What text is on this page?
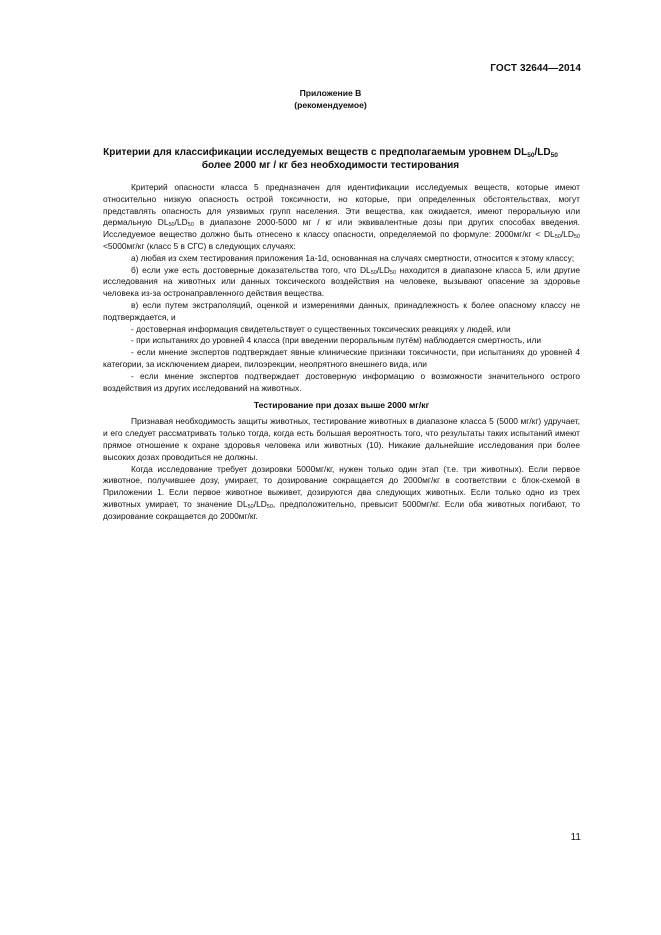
ГОСТ 32644—2014
Приложение В
(рекомендуемое)
Критерии для классификации исследуемых веществ с предполагаемым уровнем $DL_{50}/LD_{50}$
более 2000 мг / кг без необходимости тестирования

Критерий опасности класса 5 предназначен для идентификации исследуемых веществ, которые имеют относительно низкую опасность острой токсичности, но которые, при определенных обстоятельствах, могут представлять опасность для уязвимых групп населения. Эти вещества, как ожидается, имеют пероральную или дермальную $DL_{50}/LD_{50}$ в диапазоне 2000-5000 мг / кг или эквивалентные дозы при других способах введения. Исследуемое вещество должно быть отнесено к классу опасности, определяемой по формуле: $2000мг/кг < DL_{50}/LD_{50} <5000мг/кг$ (класс 5 в СГС) в следующих случаях:

а) любая из схем тестирования приложения 1а-1d, основанная на случаях смертности, относится к этому классу;

б) если уже есть достоверные доказательства того, что $DL_{50}/LD_{50}$ находится в диапазоне класса 5, или другие исследования на животных или данных токсического воздействия на человеке, вызывают опасение за здоровье человека из-за остронаправленного действия вещества.

в) если путем экстраполяций, оценкой и измерениями данных, принадлежность к более опасному классу не подтверждается, и

- достоверная информация свидетельствует о существенных токсических реакциях у людей, или

- при испытаниях до уровней 4 класса (при введении пероральным путём) наблюдается смертность, или

- если мнение экспертов подтверждает явные клинические признаки токсичности, при испытаниях до уровней 4 категории, за исключением диареи, пилоэрекции, неопрятного внешнего вида, или

- если мнение экспертов подтверждает достоверную информацию о возможности значительного острого воздействия из других исследований на животных.

Тестирование при дозах выше 2000 мг/кг

Признавая необходимость защиты животных, тестирование животных в диапазоне класса 5 (5000 мг/кг) удручает, и его следует рассматривать только тогда, когда есть большая вероятность того, что результаты таких испытаний имеют прямое отношение к охране здоровья человека или животных (10). Никакие дальнейшие исследования при более высоких дозах проводиться не должны.

Когда исследование требует дозировки 5000мг/кг, нужен только один этап (т.е. три животных). Если первое животное, получившее дозу, умирает, то дозирование сокращается до 2000мг/кг в соответствии с блок-схемой в Приложении 1. Если первое животное выживет, дозируются два следующих животных. Если только одно из трех животных умирает, то значение $DL_{50}/LD_{50}$, предположительно, превысит 5000мг/кг. Если оба животных погибают, то дозирование сокращается до 2000мг/кг.

11
